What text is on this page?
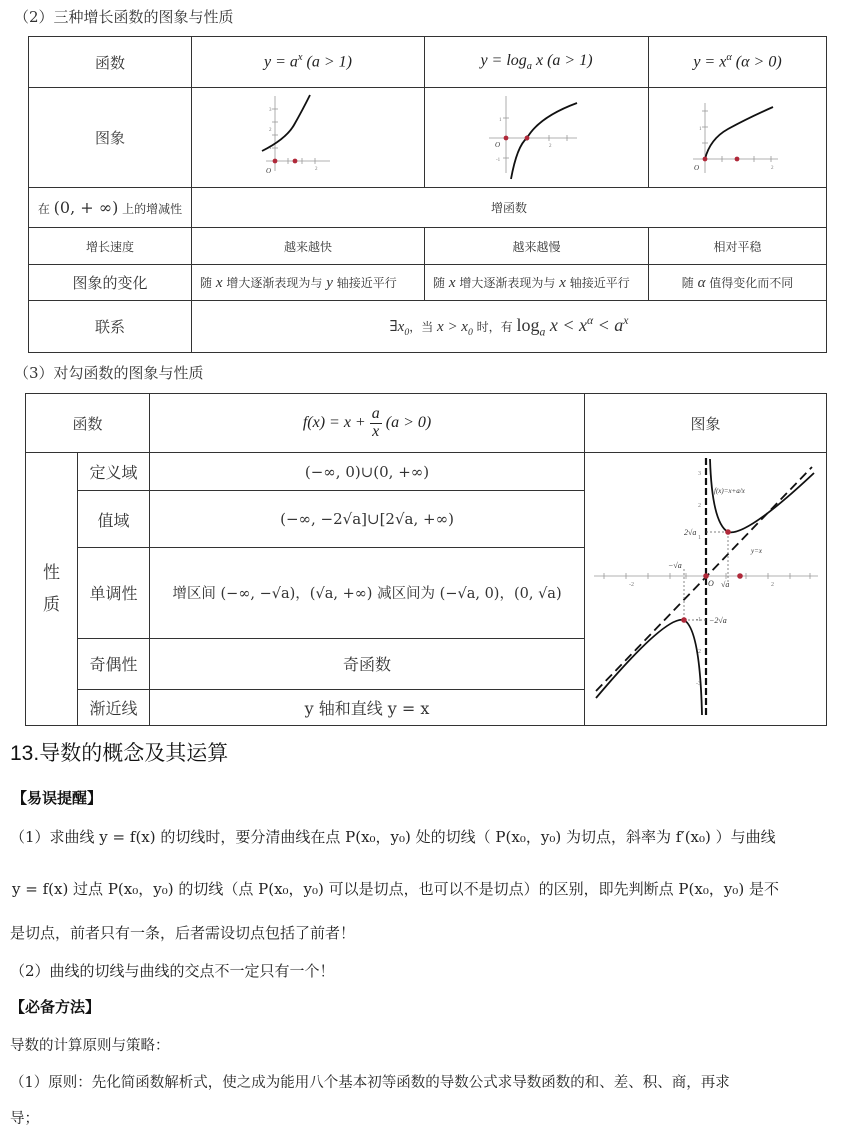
（2）三种增长函数的图象与性质
函数	$y = a^x$ (a > 1)	$y = \log_a x$ (a > 1)	$y = x^\alpha$ (α > 0)
图象	3
2
1
2
O	1
-1
2
O	1
2
O

在 (0, + ∞) 上的增减性	增函数		
增长速度	越来越快	越来越慢	相对平稳
图象的变化	随 x 增大逐渐表现为与 y 轴接近平行	随 x 增大逐渐表现为与 x 轴接近平行	随 α 值得变化而不同
联系	$\exists x_0$，当 $x > x_0$ 时，有 $\log_a x < x^\alpha < a^x$
（3）对勾函数的图象与性质
函数		$f(x) = x + \frac{a}{x} (a > 0)$	图象

性
质
	定义域	(−∞, 0)∪(0, +∞)	3
2
1
-1
-2
-3
-2	2
2√a
−√a
√a
−2√a
O
f(x)=x+a/x
y=x

	值域	(−∞, −2√a]∪[2√a, +∞)	
	单调性	增区间 (−∞, −√a)，(√a, +∞) 减区间为 (−√a, 0)，(0, √a)	
	奇偶性	奇函数	
	渐近线	y 轴和直线 y = x	
13.导数的概念及其运算
【易误提醒】
（1）求曲线 y = f(x) 的切线时，要分清曲线在点 P(x₀，y₀) 处的切线（ P(x₀，y₀) 为切点，斜率为 f′(x₀) ）与曲线
y = f(x) 过点 P(x₀，y₀) 的切线（点 P(x₀，y₀) 可以是切点，也可以不是切点）的区别，即先判断点 P(x₀，y₀) 是不
是切点，前者只有一条，后者需设切点包括了前者！
（2）曲线的切线与曲线的交点不一定只有一个！
【必备方法】
导数的计算原则与策略：
（1）原则：先化简函数解析式，使之成为能用八个基本初等函数的导数公式求导数函数的和、差、积、商，再求
导；
